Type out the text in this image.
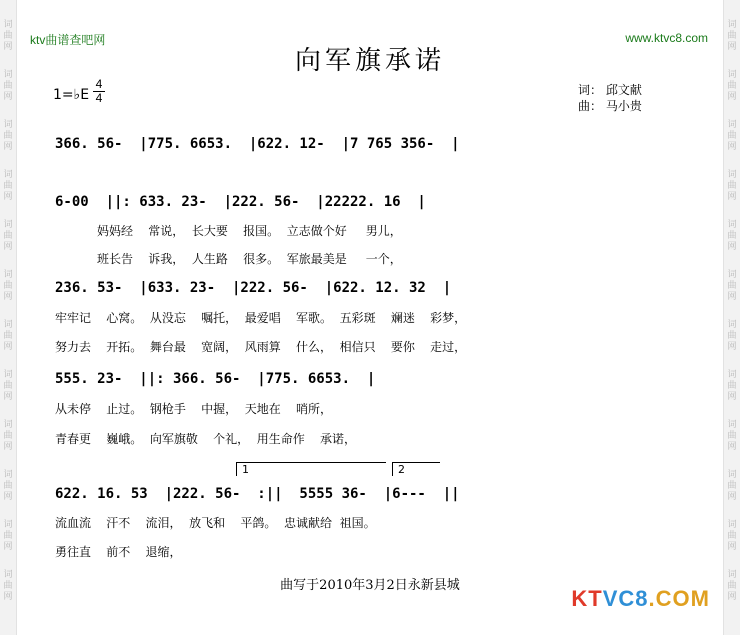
词曲网
词曲网
词曲网
词曲网
词曲网
词曲网
词曲网
词曲网
词曲网
词曲网
词曲网
词曲网
词曲网
词曲网
词曲网
词曲网
词曲网
词曲网
词曲网
词曲网
词曲网
词曲网
词曲网
词曲网
ktv曲谱查吧网	www.ktvc8.com
向军旗承诺
1=♭E
4
4
词： 邱文献
曲： 马小贵
366. 56-  |775. 6653.  |622. 12-  |7 765 356-  |
6-00  ||: 633. 23-  |222. 56-  |22222. 16  |
236. 53-  |633. 23-  |222. 56-  |622. 12. 32  |
555. 23-  ||: 366. 56-  |775. 6653.  |
622. 16. 53  |222. 56-  :||  5555 36-  |6---  ||
妈妈经    常说，  长大要    报国。  立志做个好     男儿，
班长告    诉我，  人生路    很多。  军旅最美是     一个，
牢牢记    心窝。  从没忘    嘱托，  最爱唱    军歌。  五彩斑    斓迷    彩梦，
努力去    开拓。  舞台最    宽阔，  风雨算    什么，  相信只    要你    走过，
从未停    止过。  钢枪手    中握，  天地在    哨所，
青春更    巍峨。  向军旗敬    个礼，  用生命作    承诺，
流血流    汗不    流泪，  放飞和    平鸽。  忠诚献给  祖国。
勇往直    前不    退缩，
1	2
曲写于2010年3月2日永新县城
KTVC8.COM
